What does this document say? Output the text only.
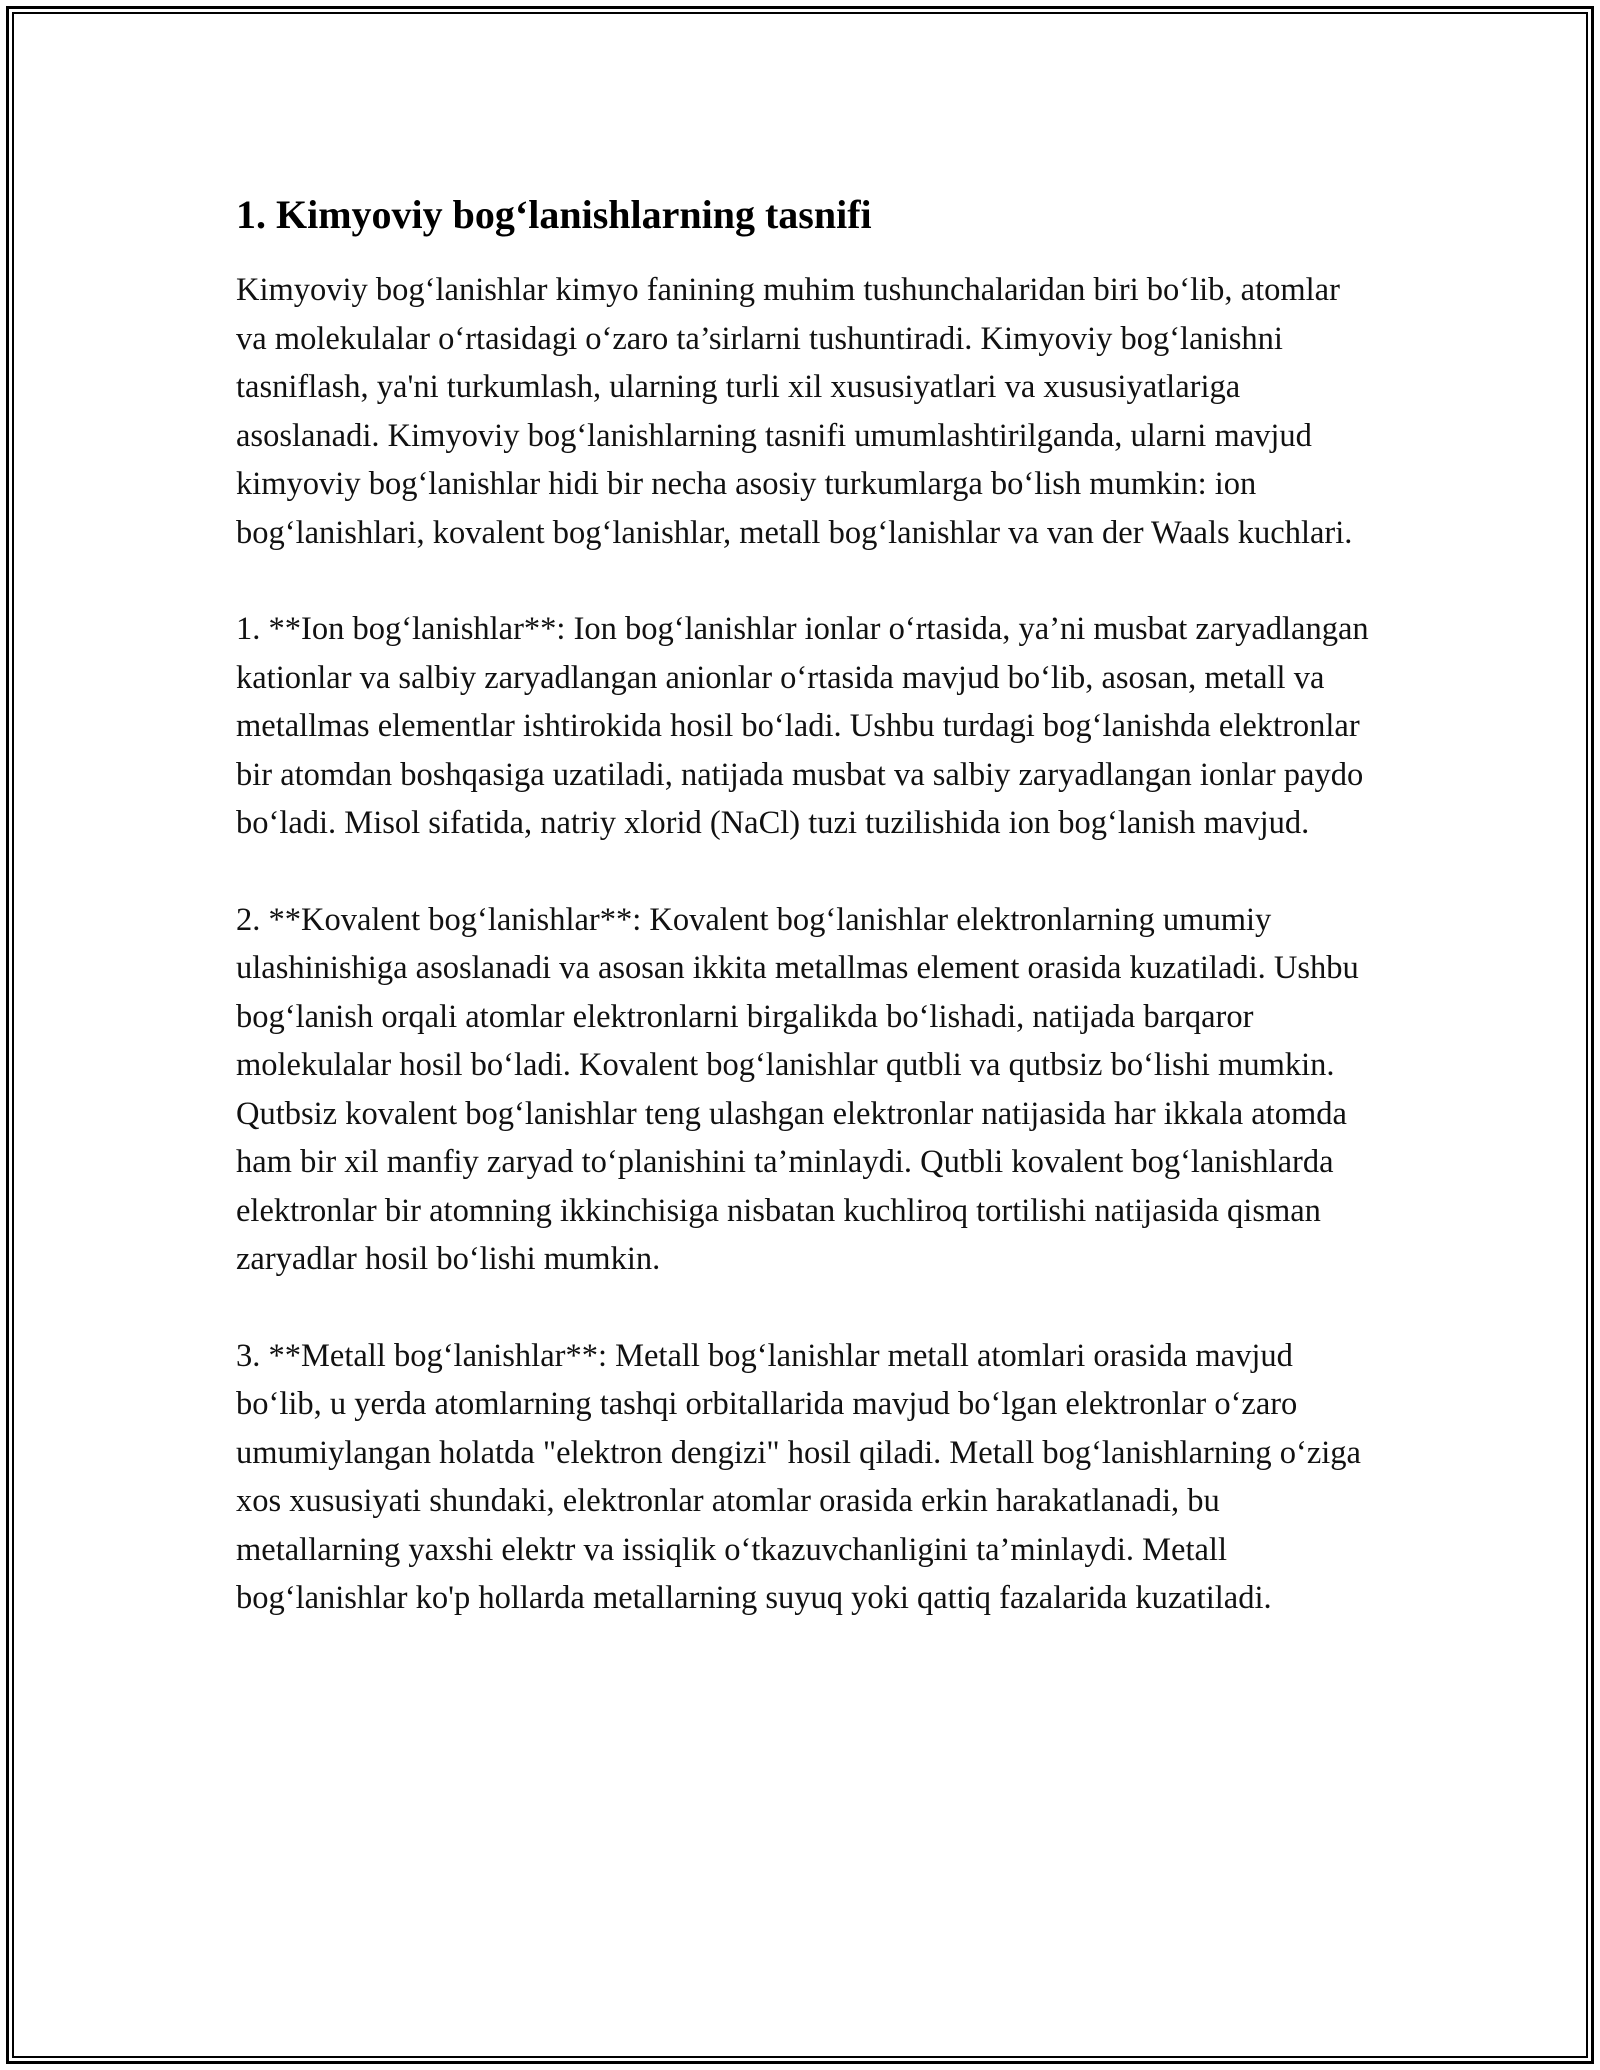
1. Kimyoviy bog‘lanishlarning tasnifi

Kimyoviy bog‘lanishlar kimyo fanining muhim tushunchalaridan biri bo‘lib, atomlar va molekulalar o‘rtasidagi o‘zaro ta’sirlarni tushuntiradi. Kimyoviy bog‘lanishni tasniflash, ya'ni turkumlash, ularning turli xil xususiyatlari va xususiyatlariga asoslanadi. Kimyoviy bog‘lanishlarning tasnifi umumlashtirilganda, ularni mavjud kimyoviy bog‘lanishlar hidi bir necha asosiy turkumlarga bo‘lish mumkin: ion bog‘lanishlari, kovalent bog‘lanishlar, metall bog‘lanishlar va van der Waals kuchlari.

1. **Ion bog‘lanishlar**: Ion bog‘lanishlar ionlar o‘rtasida, ya’ni musbat zaryadlangan kationlar va salbiy zaryadlangan anionlar o‘rtasida mavjud bo‘lib, asosan, metall va metallmas elementlar ishtirokida hosil bo‘ladi. Ushbu turdagi bog‘lanishda elektronlar bir atomdan boshqasiga uzatiladi, natijada musbat va salbiy zaryadlangan ionlar paydo bo‘ladi. Misol sifatida, natriy xlorid (NaCl) tuzi tuzilishida ion bog‘lanish mavjud.

2. **Kovalent bog‘lanishlar**: Kovalent bog‘lanishlar elektronlarning umumiy ulashinishiga asoslanadi va asosan ikkita metallmas element orasida kuzatiladi. Ushbu bog‘lanish orqali atomlar elektronlarni birgalikda bo‘lishadi, natijada barqaror molekulalar hosil bo‘ladi. Kovalent bog‘lanishlar qutbli va qutbsiz bo‘lishi mumkin. Qutbsiz kovalent bog‘lanishlar teng ulashgan elektronlar natijasida har ikkala atomda ham bir xil manfiy zaryad to‘planishini ta’minlaydi. Qutbli kovalent bog‘lanishlarda elektronlar bir atomning ikkinchisiga nisbatan kuchliroq tortilishi natijasida qisman zaryadlar hosil bo‘lishi mumkin.

3. **Metall bog‘lanishlar**: Metall bog‘lanishlar metall atomlari orasida mavjud bo‘lib, u yerda atomlarning tashqi orbitallarida mavjud bo‘lgan elektronlar o‘zaro umumiylangan holatda "elektron dengizi" hosil qiladi. Metall bog‘lanishlarning o‘ziga xos xususiyati shundaki, elektronlar atomlar orasida erkin harakatlanadi, bu metallarning yaxshi elektr va issiqlik o‘tkazuvchanligini ta’minlaydi. Metall bog‘lanishlar ko'p hollarda metallarning suyuq yoki qattiq fazalarida kuzatiladi.
